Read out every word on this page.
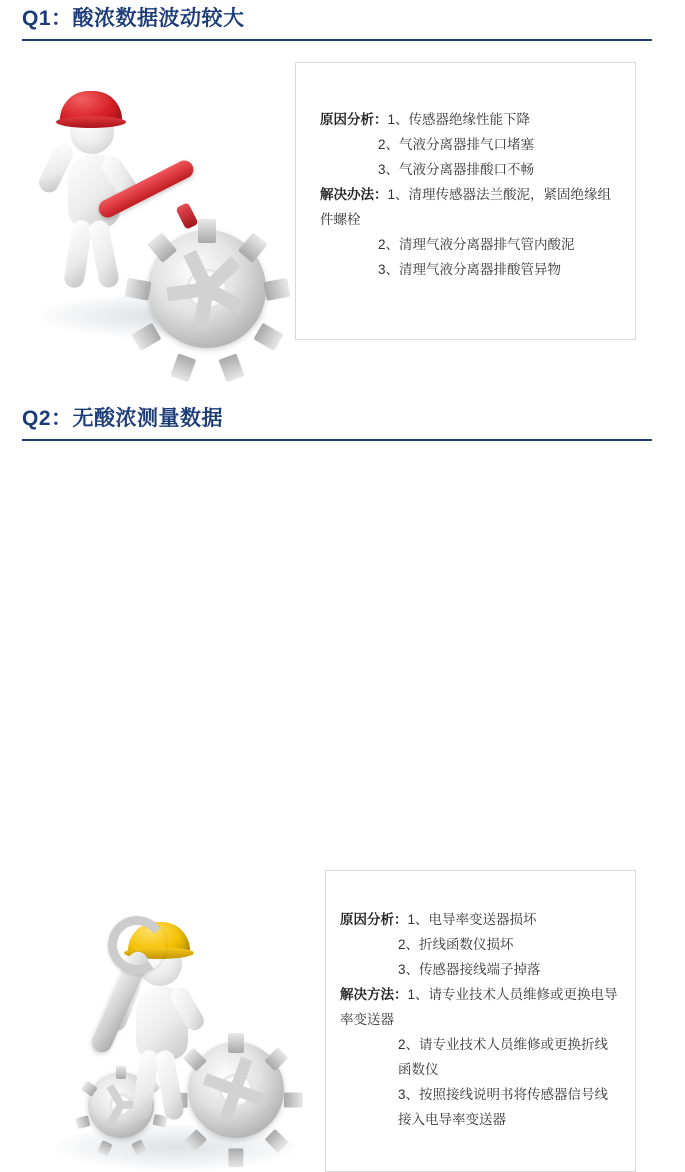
Q1：酸浓数据波动较大
原因分析：1、传感器绝缘性能下降
2、气液分离器排气口堵塞
3、气液分离器排酸口不畅
解决办法：1、清理传感器法兰酸泥，紧固绝缘组件螺栓
2、清理气液分离器排气管内酸泥
3、清理气液分离器排酸管异物
Q2：无酸浓测量数据
原因分析：1、电导率变送器损坏
2、折线函数仪损坏
3、传感器接线端子掉落
解决方法：1、请专业技术人员维修或更换电导率变送器
2、请专业技术人员维修或更换折线函数仪
3、按照接线说明书将传感器信号线接入电导率变送器
